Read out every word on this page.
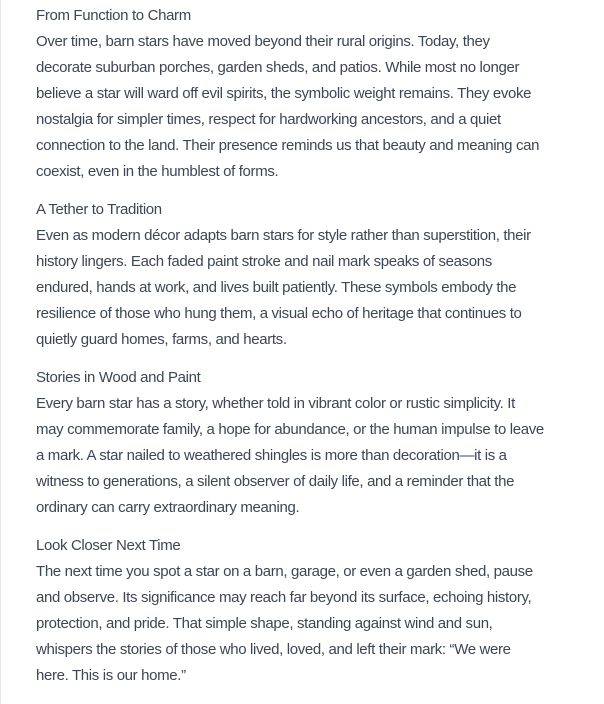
From Function to Charm
Over time, barn stars have moved beyond their rural origins. Today, they
decorate suburban porches, garden sheds, and patios. While most no longer
believe a star will ward off evil spirits, the symbolic weight remains. They evoke
nostalgia for simpler times, respect for hardworking ancestors, and a quiet
connection to the land. Their presence reminds us that beauty and meaning can
coexist, even in the humblest of forms.
A Tether to Tradition
Even as modern décor adapts barn stars for style rather than superstition, their
history lingers. Each faded paint stroke and nail mark speaks of seasons
endured, hands at work, and lives built patiently. These symbols embody the
resilience of those who hung them, a visual echo of heritage that continues to
quietly guard homes, farms, and hearts.
Stories in Wood and Paint
Every barn star has a story, whether told in vibrant color or rustic simplicity. It
may commemorate family, a hope for abundance, or the human impulse to leave
a mark. A star nailed to weathered shingles is more than decoration—it is a
witness to generations, a silent observer of daily life, and a reminder that the
ordinary can carry extraordinary meaning.
Look Closer Next Time
The next time you spot a star on a barn, garage, or even a garden shed, pause
and observe. Its significance may reach far beyond its surface, echoing history,
protection, and pride. That simple shape, standing against wind and sun,
whispers the stories of those who lived, loved, and left their mark: “We were
here. This is our home.”
